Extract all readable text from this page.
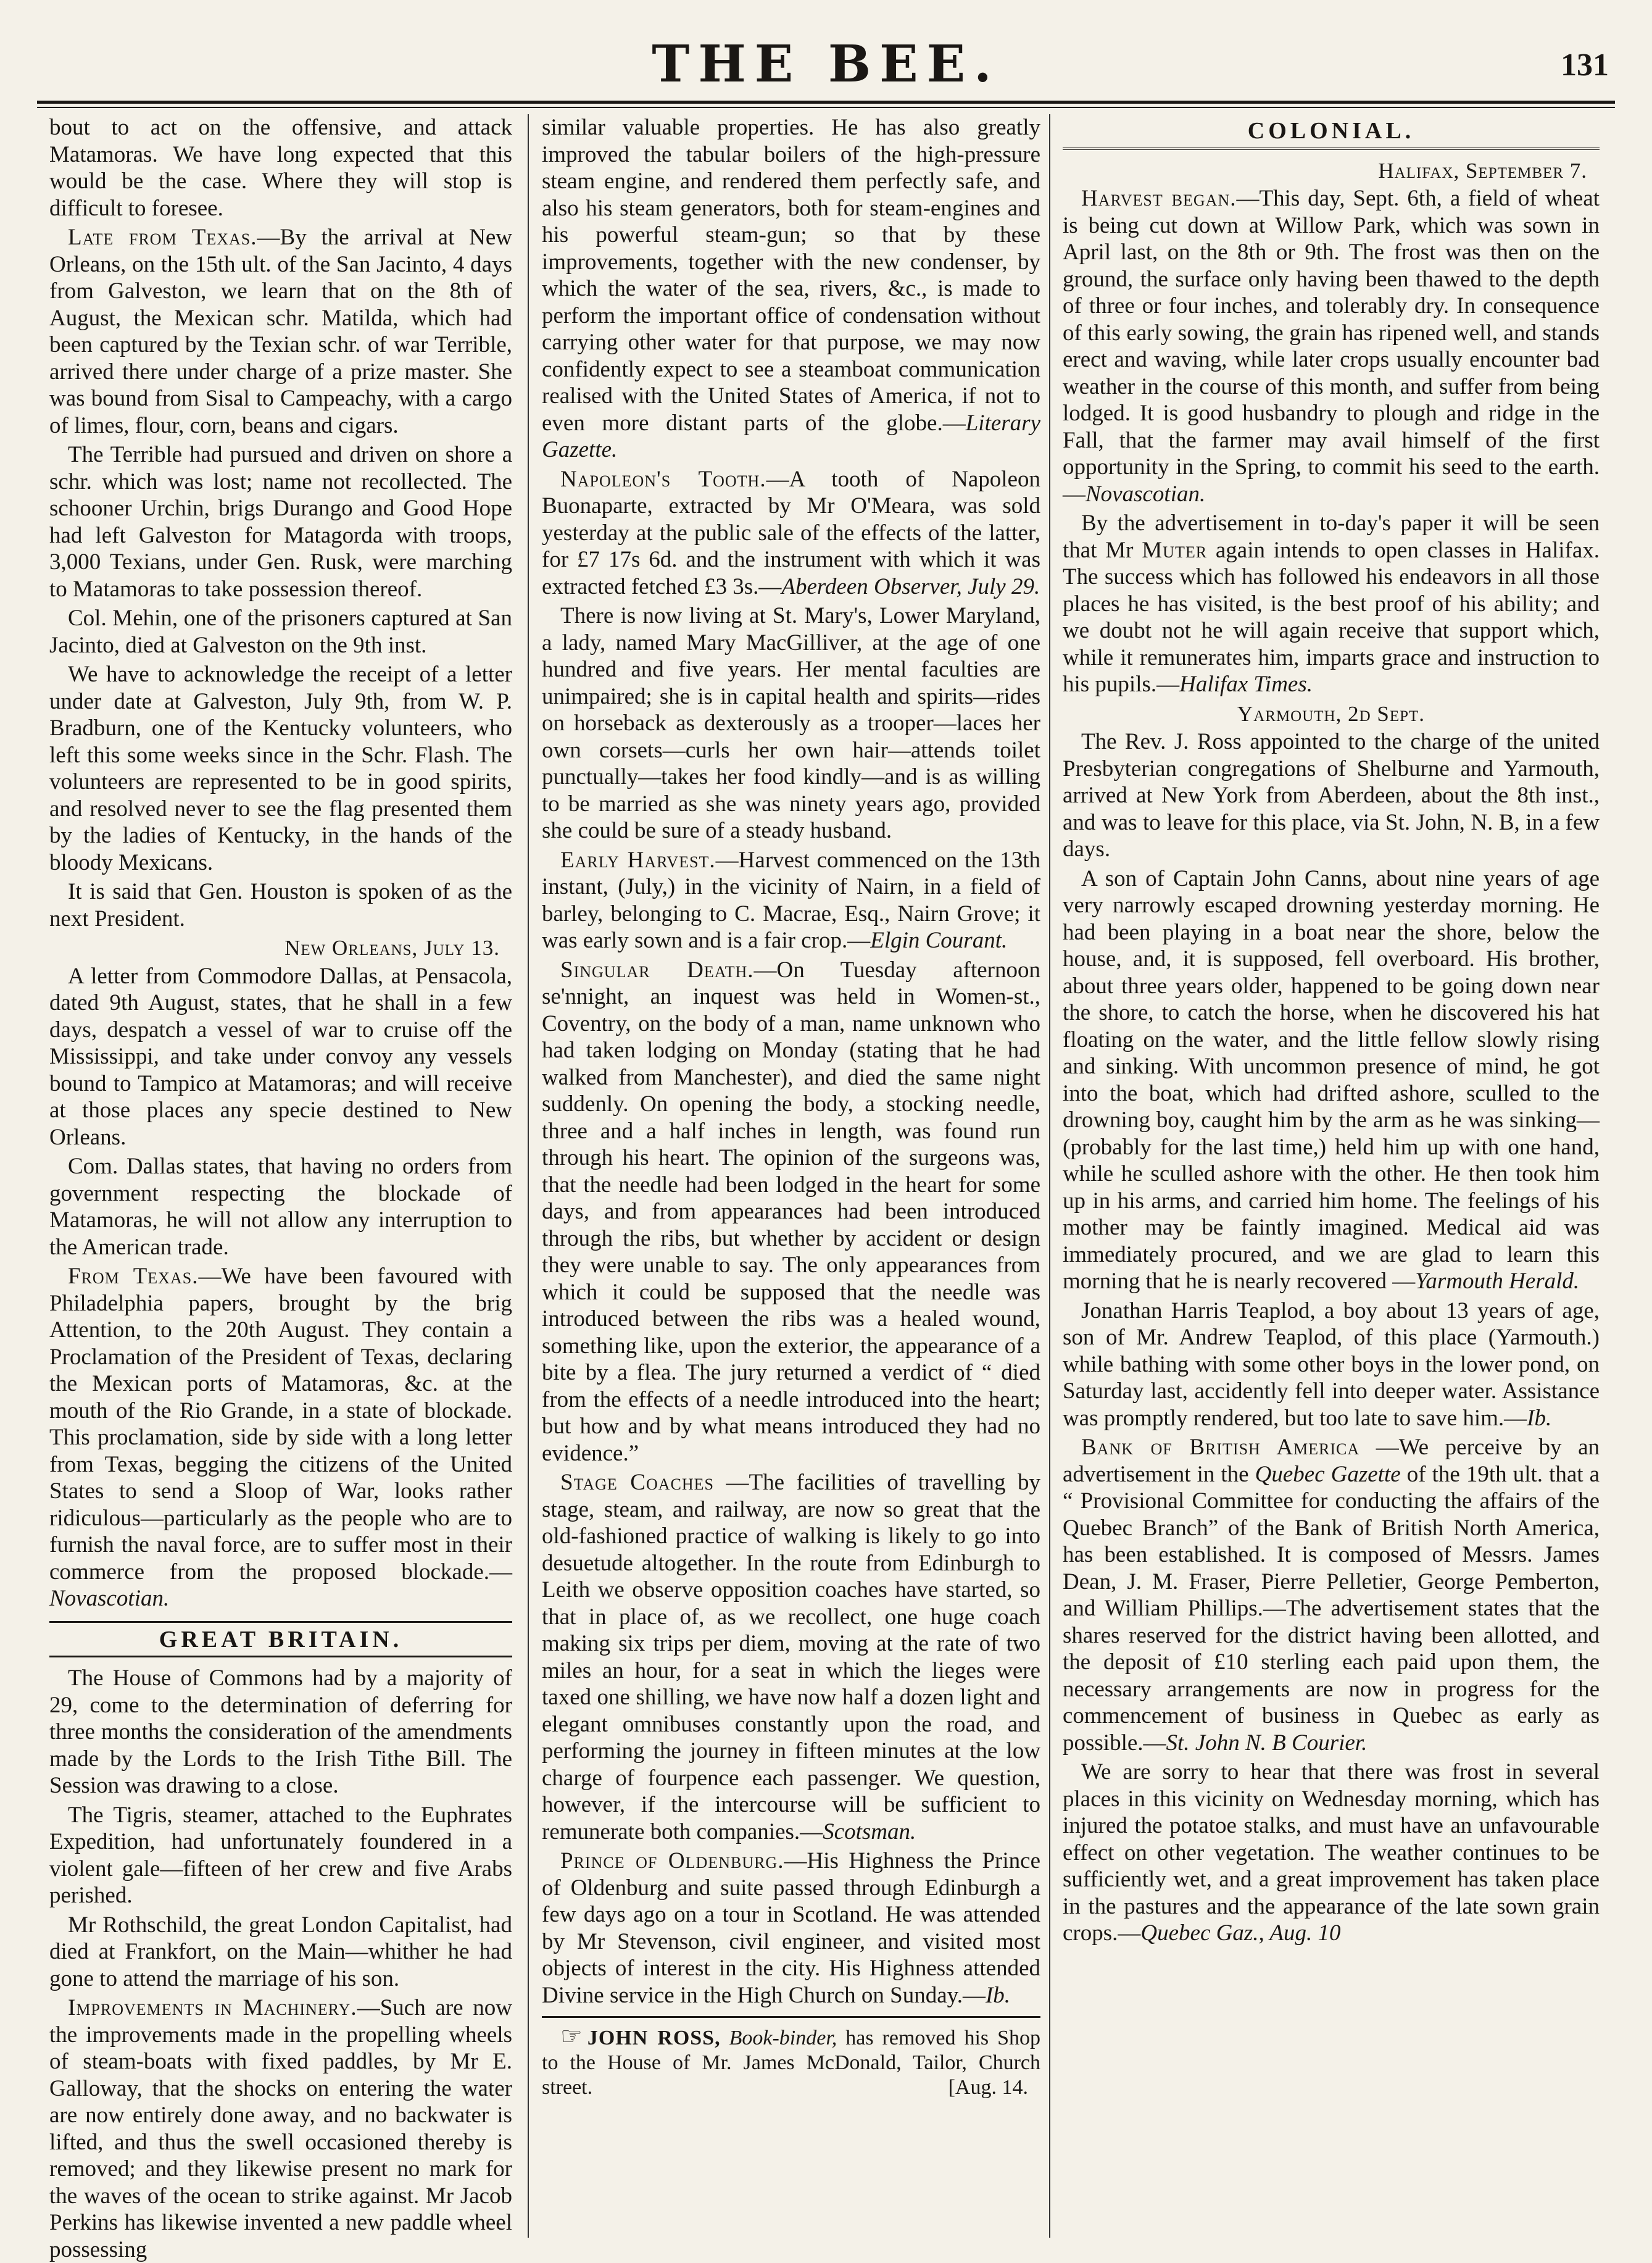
THE BEE.	131

bout to act on the offensive, and attack Matamoras. We have long expected that this would be the case. Where they will stop is difficult to foresee.

Late from Texas.—By the arrival at New Orleans, on the 15th ult. of the San Jacinto, 4 days from Galveston, we learn that on the 8th of August, the Mexican schr. Matilda, which had been captured by the Texian schr. of war Terrible, arrived there under charge of a prize master. She was bound from Sisal to Campeachy, with a cargo of limes, flour, corn, beans and cigars.

The Terrible had pursued and driven on shore a schr. which was lost; name not recollected. The schooner Urchin, brigs Durango and Good Hope had left Galveston for Matagorda with troops, 3,000 Texians, under Gen. Rusk, were marching to Matamoras to take possession thereof.

Col. Mehin, one of the prisoners captured at San Jacinto, died at Galveston on the 9th inst.

We have to acknowledge the receipt of a letter under date at Galveston, July 9th, from W. P. Bradburn, one of the Kentucky volunteers, who left this some weeks since in the Schr. Flash. The volunteers are represented to be in good spirits, and resolved never to see the flag presented them by the ladies of Kentucky, in the hands of the bloody Mexicans.

It is said that Gen. Houston is spoken of as the next President.

New Orleans, July 13.

A letter from Commodore Dallas, at Pensacola, dated 9th August, states, that he shall in a few days, despatch a vessel of war to cruise off the Mississippi, and take under convoy any vessels bound to Tampico at Matamoras; and will receive at those places any specie destined to New Orleans.

Com. Dallas states, that having no orders from government respecting the blockade of Matamoras, he will not allow any interruption to the American trade.

From Texas.—We have been favoured with Philadelphia papers, brought by the brig Attention, to the 20th August. They contain a Proclamation of the President of Texas, declaring the Mexican ports of Matamoras, &c. at the mouth of the Rio Grande, in a state of blockade. This proclamation, side by side with a long letter from Texas, begging the citizens of the United States to send a Sloop of War, looks rather ridiculous—particularly as the people who are to furnish the naval force, are to suffer most in their commerce from the proposed blockade.—Novascotian.

GREAT BRITAIN.

The House of Commons had by a majority of 29, come to the determination of deferring for three months the consideration of the amendments made by the Lords to the Irish Tithe Bill. The Session was drawing to a close.

The Tigris, steamer, attached to the Euphrates Expedition, had unfortunately foundered in a violent gale—fifteen of her crew and five Arabs perished.

Mr Rothschild, the great London Capitalist, had died at Frankfort, on the Main—whither he had gone to attend the marriage of his son.

Improvements in Machinery.—Such are now the improvements made in the propelling wheels of steam-boats with fixed paddles, by Mr E. Galloway, that the shocks on entering the water are now entirely done away, and no backwater is lifted, and thus the swell occasioned thereby is removed; and they likewise present no mark for the waves of the ocean to strike against. Mr Jacob Perkins has likewise invented a new paddle wheel possessing

similar valuable properties. He has also greatly improved the tabular boilers of the high-pressure steam engine, and rendered them perfectly safe, and also his steam generators, both for steam-engines and his powerful steam-gun; so that by these improvements, together with the new condenser, by which the water of the sea, rivers, &c., is made to perform the important office of condensation without carrying other water for that purpose, we may now confidently expect to see a steamboat communication realised with the United States of America, if not to even more distant parts of the globe.—Literary Gazette.

Napoleon's Tooth.—A tooth of Napoleon Buonaparte, extracted by Mr O'Meara, was sold yesterday at the public sale of the effects of the latter, for £7 17s 6d. and the instrument with which it was extracted fetched £3 3s.—Aberdeen Observer, July 29.

There is now living at St. Mary's, Lower Maryland, a lady, named Mary MacGilliver, at the age of one hundred and five years. Her mental faculties are unimpaired; she is in capital health and spirits—rides on horseback as dexterously as a trooper—laces her own corsets—curls her own hair—attends toilet punctually—takes her food kindly—and is as willing to be married as she was ninety years ago, provided she could be sure of a steady husband.

Early Harvest.—Harvest commenced on the 13th instant, (July,) in the vicinity of Nairn, in a field of barley, belonging to C. Macrae, Esq., Nairn Grove; it was early sown and is a fair crop.—Elgin Courant.

Singular Death.—On Tuesday afternoon se'nnight, an inquest was held in Women-st., Coventry, on the body of a man, name unknown who had taken lodging on Monday (stating that he had walked from Manchester), and died the same night suddenly. On opening the body, a stocking needle, three and a half inches in length, was found run through his heart. The opinion of the surgeons was, that the needle had been lodged in the heart for some days, and from appearances had been introduced through the ribs, but whether by accident or design they were unable to say. The only appearances from which it could be supposed that the needle was introduced between the ribs was a healed wound, something like, upon the exterior, the appearance of a bite by a flea. The jury returned a verdict of “ died from the effects of a needle introduced into the heart; but how and by what means introduced they had no evidence.”

Stage Coaches —The facilities of travelling by stage, steam, and railway, are now so great that the old-fashioned practice of walking is likely to go into desuetude altogether. In the route from Edinburgh to Leith we observe opposition coaches have started, so that in place of, as we recollect, one huge coach making six trips per diem, moving at the rate of two miles an hour, for a seat in which the lieges were taxed one shilling, we have now half a dozen light and elegant omnibuses constantly upon the road, and performing the journey in fifteen minutes at the low charge of fourpence each passenger. We question, however, if the intercourse will be sufficient to remunerate both companies.—Scotsman.

Prince of Oldenburg.—His Highness the Prince of Oldenburg and suite passed through Edinburgh a few days ago on a tour in Scotland. He was attended by Mr Stevenson, civil engineer, and visited most objects of interest in the city. His Highness attended Divine service in the High Church on Sunday.—Ib.

☞ JOHN ROSS, Book-binder, has removed his Shop to the House of Mr. James McDonald, Tailor, Church street.	[Aug. 14.
COLONIAL.
Halifax, September 7.

Harvest began.—This day, Sept. 6th, a field of wheat is being cut down at Willow Park, which was sown in April last, on the 8th or 9th. The frost was then on the ground, the surface only having been thawed to the depth of three or four inches, and tolerably dry. In consequence of this early sowing, the grain has ripened well, and stands erect and waving, while later crops usually encounter bad weather in the course of this month, and suffer from being lodged. It is good husbandry to plough and ridge in the Fall, that the farmer may avail himself of the first opportunity in the Spring, to commit his seed to the earth.—Novascotian.

By the advertisement in to-day's paper it will be seen that Mr Muter again intends to open classes in Halifax. The success which has followed his endeavors in all those places he has visited, is the best proof of his ability; and we doubt not he will again receive that support which, while it remunerates him, imparts grace and instruction to his pupils.—Halifax Times.

Yarmouth, 2d Sept.

The Rev. J. Ross appointed to the charge of the united Presbyterian congregations of Shelburne and Yarmouth, arrived at New York from Aberdeen, about the 8th inst., and was to leave for this place, via St. John, N. B, in a few days.

A son of Captain John Canns, about nine years of age very narrowly escaped drowning yesterday morning. He had been playing in a boat near the shore, below the house, and, it is supposed, fell overboard. His brother, about three years older, happened to be going down near the shore, to catch the horse, when he discovered his hat floating on the water, and the little fellow slowly rising and sinking. With uncommon presence of mind, he got into the boat, which had drifted ashore, sculled to the drowning boy, caught him by the arm as he was sinking—(probably for the last time,) held him up with one hand, while he sculled ashore with the other. He then took him up in his arms, and carried him home. The feelings of his mother may be faintly imagined. Medical aid was immediately procured, and we are glad to learn this morning that he is nearly recovered —Yarmouth Herald.

Jonathan Harris Teaplod, a boy about 13 years of age, son of Mr. Andrew Teaplod, of this place (Yarmouth.) while bathing with some other boys in the lower pond, on Saturday last, accidently fell into deeper water. Assistance was promptly rendered, but too late to save him.—Ib.

Bank of British America —We perceive by an advertisement in the Quebec Gazette of the 19th ult. that a “ Provisional Committee for conducting the affairs of the Quebec Branch” of the Bank of British North America, has been established. It is composed of Messrs. James Dean, J. M. Fraser, Pierre Pelletier, George Pemberton, and William Phillips.—The advertisement states that the shares reserved for the district having been allotted, and the deposit of £10 sterling each paid upon them, the necessary arrangements are now in progress for the commencement of business in Quebec as early as possible.—St. John N. B Courier.

We are sorry to hear that there was frost in several places in this vicinity on Wednesday morning, which has injured the potatoe stalks, and must have an unfavourable effect on other vegetation. The weather continues to be sufficiently wet, and a great improvement has taken place in the pastures and the appearance of the late sown grain crops.—Quebec Gaz., Aug. 10
